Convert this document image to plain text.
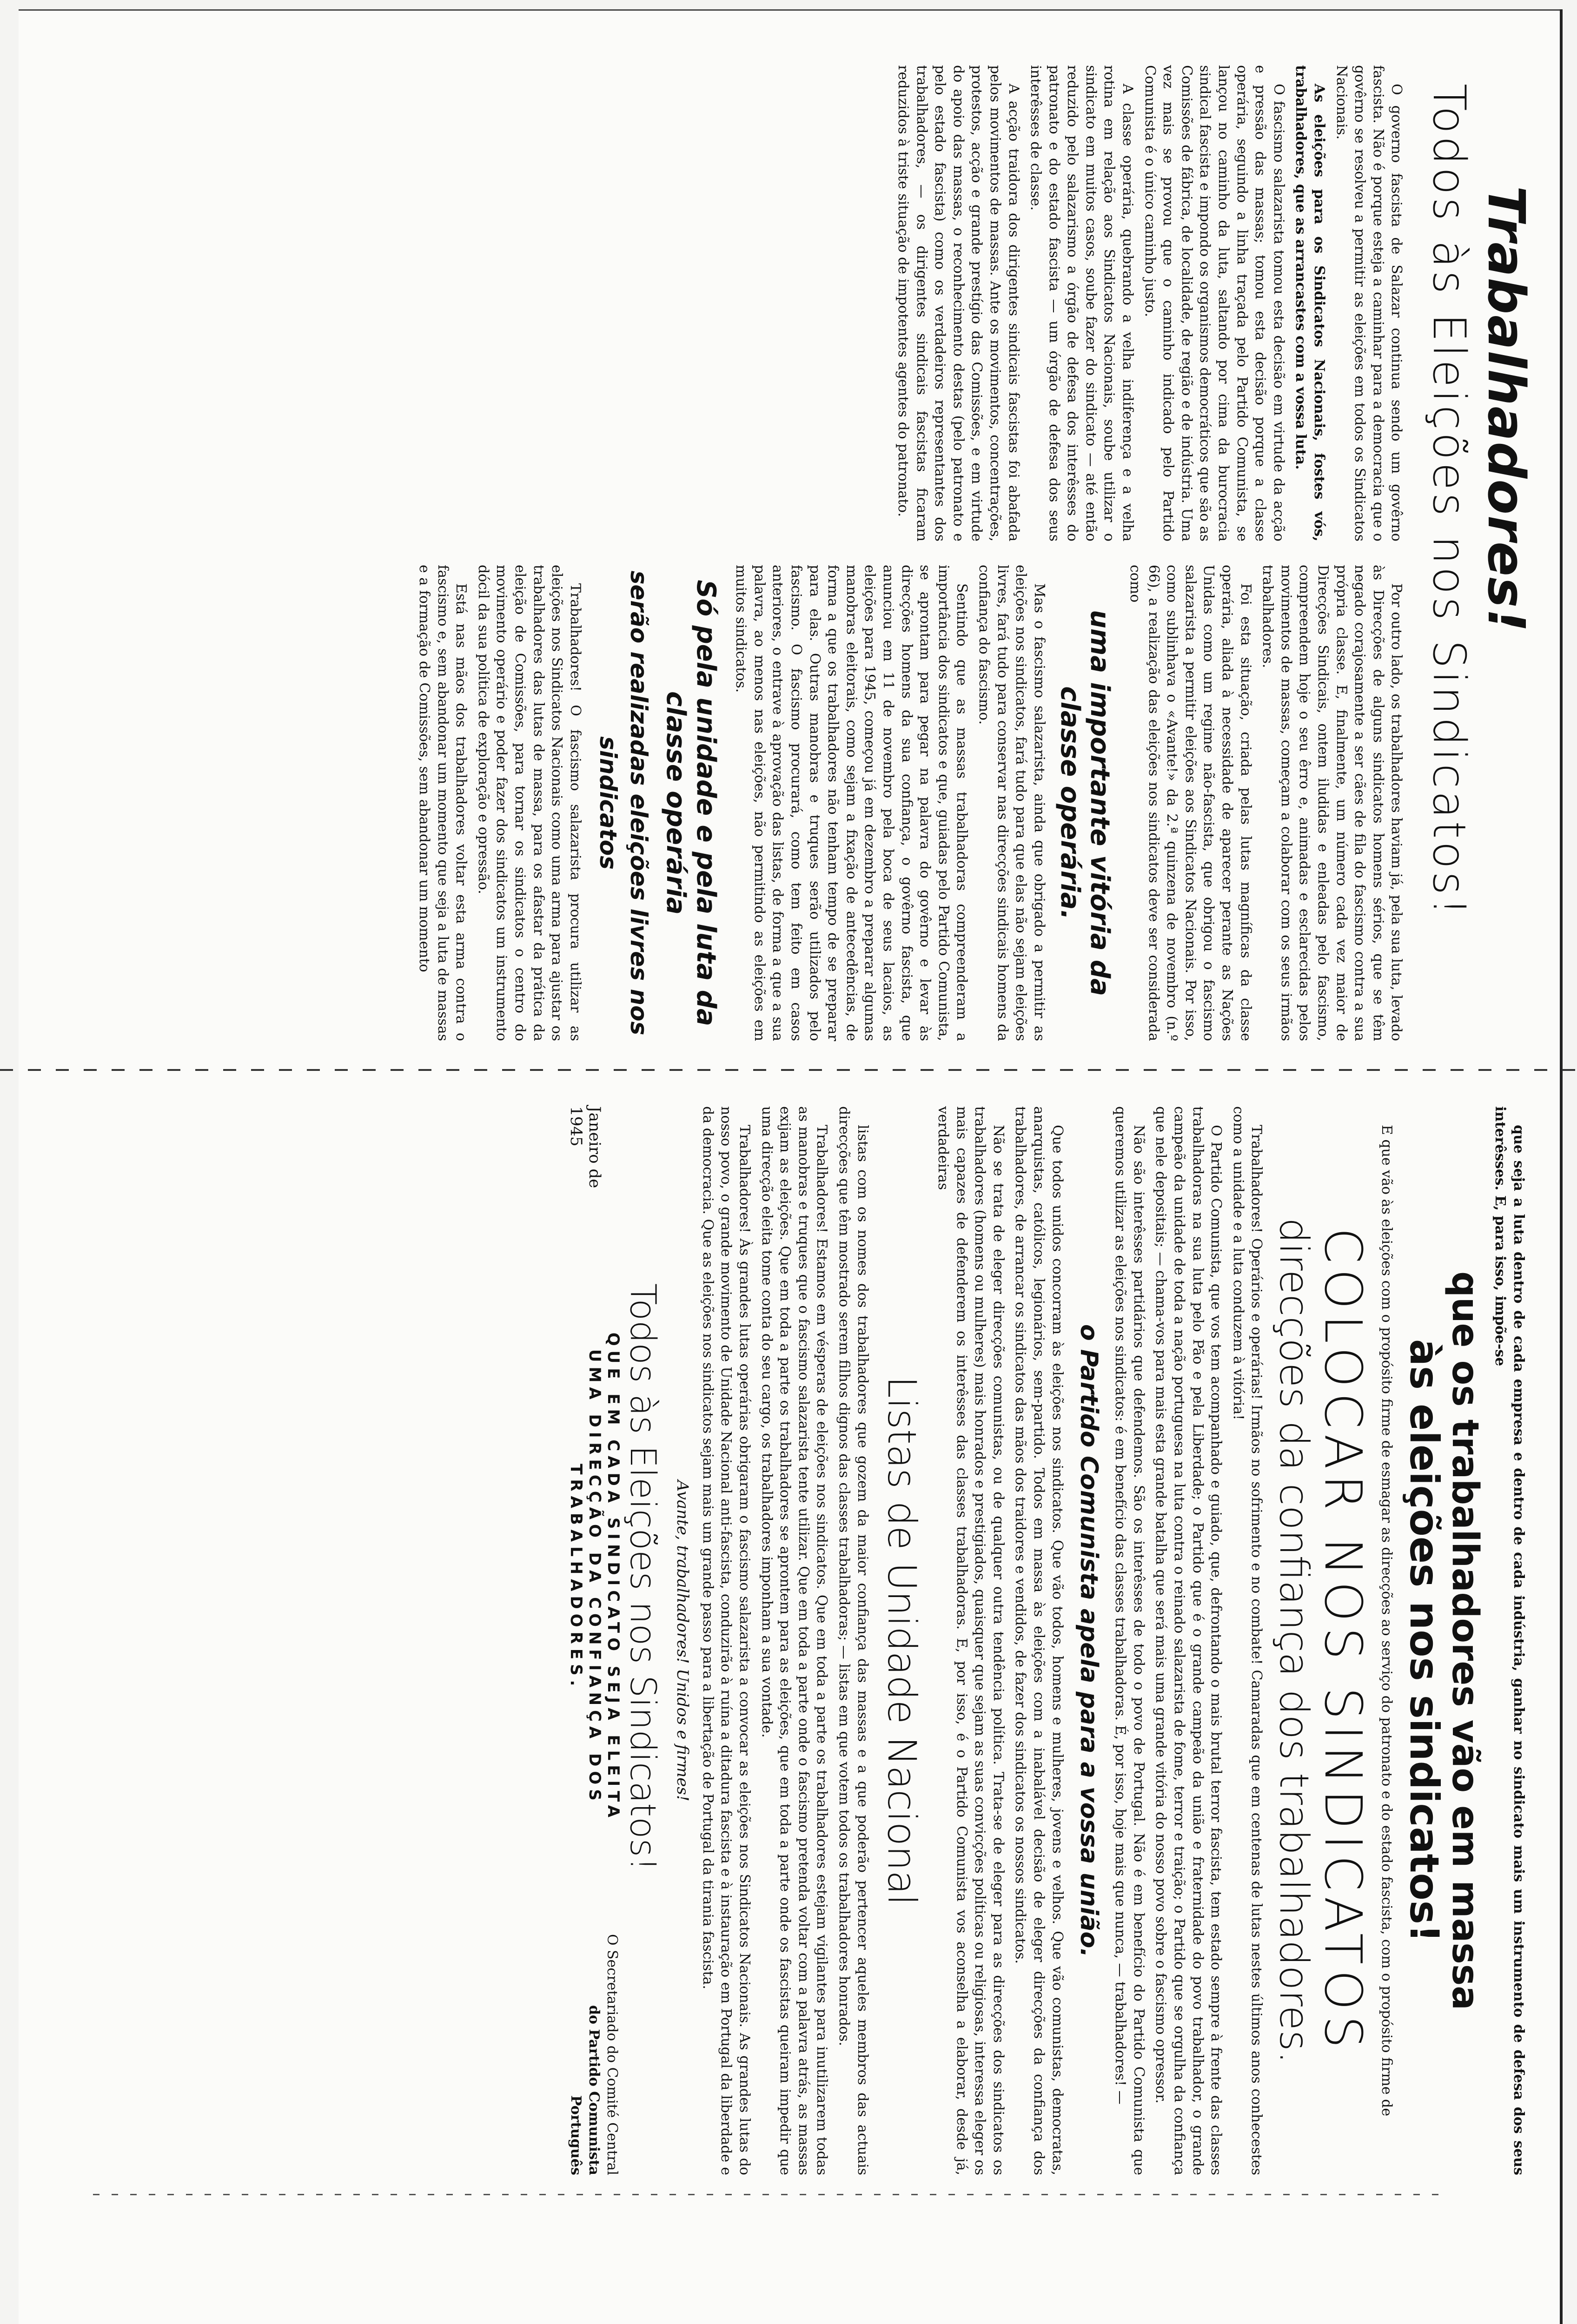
Trabalhadores!
Todos às Eleições nos Sindicatos!

O governo fascista de Salazar continua sendo um govêrno fascista. Não é porque esteja a caminhar para a democracia que o govêrno se resolveu a permitir as eleições em todos os Sindicatos Nacionais.

As eleições para os Sindicatos Nacionais, fostes vós, trabalhadores, que as arrancastes com a vossa luta.

O fascismo salazarista tomou esta decisão em virtude da acção e pressão das massas; tomou esta decisão porque a classe operária, seguindo a linha traçada pelo Partido Comunista, se lançou no caminho da luta, saltando por cima da burocracia sindical fascista e impondo os organismos democráticos que são as Comissões de fábrica, de localidade, de região e de indústria. Uma vez mais se provou que o caminho indicado pelo Partido Comunista é o único caminho justo.

A classe operária, quebrando a velha indiferença e a velha rotina em relação aos Sindicatos Nacionais, soube utilizar o sindicato em muitos casos, soube fazer do sindicato — até então reduzido pelo salazarismo a órgão de defesa dos interêsses do patronato e do estado fascista — um órgão de defesa dos seus interêsses de classe.

A acção traidora dos dirigentes sindicais fascistas foi abafada pelos movimentos de massas. Ante os movimentos, concentrações, protestos, acção e grande prestígio das Comissões, e em virtude do apoio das massas, o reconhecimento destas (pelo patronato e pelo estado fascista) como os verdadeiros representantes dos trabalhadores, — os dirigentes sindicais fascistas ficaram reduzidos à triste situação de impotentes agentes do patronato.

Por outro lado, os trabalhadores haviam já, pela sua luta, levado às Direcções de alguns sindicatos homens sérios, que se têm negado corajosamente a ser cães de fila do fascismo contra a sua própria classe. E, finalmente, um número cada vez maior de Direcções Sindicais, ontem iludidas e enleadas pelo fascismo, compreendem hoje o seu êrro e, animadas e esclarecidas pelos movimentos de massas, começam a colaborar com os seus irmãos trabalhadores.

Foi esta situação, criada pelas lutas magníficas da classe operária, aliada à necessidade de aparecer perante as Nações Unidas como um regime não-fascista, que obrigou o fascismo salazarista a permitir eleições aos Sindicatos Nacionais. Por isso, como sublinhava o «Avante!» da 2.ª quinzena de novembro (n.º 66), a realização das eleições nos sindicatos deve ser considerada como

uma importante vitória da classe operária.

Mas o fascismo salazarista, ainda que obrigado a permitir as eleições nos sindicatos, fará tudo para que elas não sejam eleições livres, fará tudo para conservar nas direcções sindicais homens da confiança do fascismo.

Sentindo que as massas trabalhadoras compreenderam a importância dos sindicatos e que, guiadas pelo Partido Comunista, se aprontam para pegar na palavra do govêrno e levar às direcções homens da sua confiança, o govêrno fascista, que anunciou em 11 de novembro pela boca de seus lacaios, as eleições para 1945, começou já em dezembro a preparar algumas manobras eleitorais, como sejam a fixação de antecedências, de forma a que os trabalhadores não tenham tempo de se preparar para elas. Outras manobras e truques serão utilizados pelo fascismo. O fascismo procurará, como tem feito em casos anteriores, o entrave à aprovação das listas, de forma a que a sua palavra, ao menos nas eleições, não permitindo as eleições em muitos sindicatos.

Só pela unidade e pela luta da classe operária
serão realizadas eleições livres nos sindicatos

Trabalhadores! O fascismo salazarista procura utilizar as eleições nos Sindicatos Nacionais como uma arma para ajustar os trabalhadores das lutas de massa, para os afastar da prática da eleição de Comissões, para tornar os sindicatos o centro do movimento operário e poder fazer dos sindicatos um instrumento dócil da sua política de exploração e opressão.

Está nas mãos dos trabalhadores voltar esta arma contra o fascismo e, sem abandonar um momento que seja a luta de massas e a formação de Comissões, sem abandonar um momento

que seja a luta dentro de cada empresa e dentro de cada indústria, ganhar no sindicato mais um instrumento de defesa dos seus interêsses. E, para isso, impõe-se

que os trabalhadores vão em massa
às eleições nos sindicatos!

E que vão às eleições com o propósito firme de esmagar as direcções ao serviço do patronato e do estado fascista, com o propósito firme de

COLOCAR NOS SINDICATOS
direcções da confiança dos trabalhadores.

Trabalhadores! Operários e operárias! Irmãos no sofrimento e no combate! Camaradas que em centenas de lutas nestes últimos anos conhecestes como a unidade e a luta conduzem à vitória!

O Partido Comunista, que vos tem acompanhado e guiado, que, defrontando o mais brutal terror fascista, tem estado sempre à frente das classes trabalhadoras na sua luta pelo Pão e pela Liberdade; o Partido que é o grande campeão da união e fraternidade do povo trabalhador, o grande campeão da unidade de toda a nação portuguesa na luta contra o reinado salazarista de fome, terror e traição; o Partido que se orgulha da confiança que nele depositais; — chama-vos para mais esta grande batalha que será mais uma grande vitória do nosso povo sobre o fascismo opressor.

Não são interêsses partidários que defendemos. São os interêsses de todo o povo de Portugal. Não é em benefício do Partido Comunista que queremos utilizar as eleições nos sindicatos: é em benefício das classes trabalhadoras. É, por isso, hoje mais que nunca, — trabalhadores! —

o Partido Comunista apela para a vossa união.

Que todos unidos concorram às eleições nos sindicatos. Que vão todos, homens e mulheres, jovens e velhos. Que vão comunistas, democratas, anarquistas, católicos, legionários, sem-partido. Todos em massa às eleições com a inabalável decisão de eleger direcções da confiança dos trabalhadores, de arrancar os sindicatos das mãos dos traidores e vendidos, de fazer dos sindicatos os nossos sindicatos.

Não se trata de eleger direcções comunistas, ou de qualquer outra tendência política. Trata-se de eleger para as direcções dos sindicatos os trabalhadores (homens ou mulheres) mais honrados e prestigiados, quaisquer que sejam as suas convicções políticas ou religiosas, interessa eleger os mais capazes de defenderem os interêsses das classes trabalhadoras. E, por isso, é o Partido Comunista vos aconselha a elaborar, desde já, verdadeiras

Listas de Unidade Nacional

listas com os nomes dos trabalhadores que gozem da maior confiança das massas e a que poderão pertencer aqueles membros das actuais direcções que têm mostrado serem filhos dignos das classes trabalhadoras; — listas em que votem todos os trabalhadores honrados.

Trabalhadores! Estamos em vésperas de eleições nos sindicatos. Que em toda a parte os trabalhadores estejam vigilantes para inutilizarem todas as manobras e truques que o fascismo salazarista tente utilizar. Que em toda a parte onde o fascismo pretenda voltar com a palavra atrás, as massas exijam as eleições. Que em toda a parte os trabalhadores se aprontem para as eleições, que em toda a parte onde os fascistas queiram impedir que uma direcção eleita tome conta do seu cargo, os trabalhadores imponham a sua vontade.

Trabalhadores! Às grandes lutas operárias obrigaram o fascismo salazarista a convocar as eleições nos Sindicatos Nacionais. As grandes lutas do nosso povo, o grande movimento de Unidade Nacional anti-fascista, conduzirão à ruína a ditadura fascista e à instauração em Portugal da liberdade e da democracia. Que as eleições nos sindicatos sejam mais um grande passo para a libertação de Portugal da tirania fascista.

Avante, trabalhadores! Unidos e firmes!
Janeiro de 1945
Todos às Eleições nos Sindicatos!
QUE EM CADA SINDICATO SEJA ELEITA
UMA DIRECÇÃO DA CONFIANÇA DOS TRABALHADORES.
O Secretariado do Comité Central
do Partido Comunista Português
